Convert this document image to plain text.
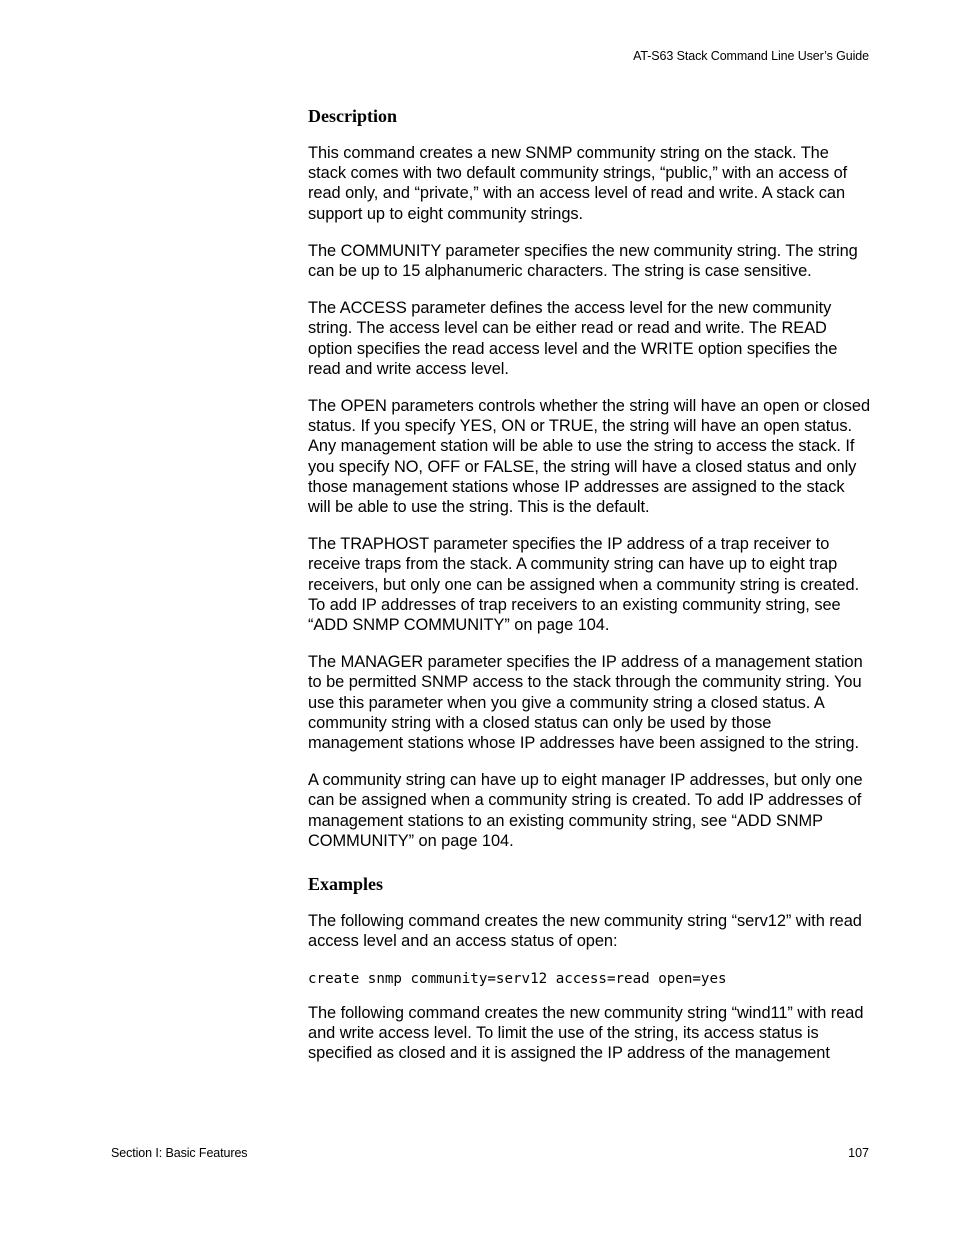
AT-S63 Stack Command Line User’s Guide
Description

This command creates a new SNMP community string on the stack. The stack comes with two default community strings, “public,” with an access of read only, and “private,” with an access level of read and write. A stack can support up to eight community strings.

The COMMUNITY parameter specifies the new community string. The string can be up to 15 alphanumeric characters. The string is case sensitive.

The ACCESS parameter defines the access level for the new community string. The access level can be either read or read and write. The READ option specifies the read access level and the WRITE option specifies the read and write access level.

The OPEN parameters controls whether the string will have an open or closed status. If you specify YES, ON or TRUE, the string will have an open status. Any management station will be able to use the string to access the stack. If you specify NO, OFF or FALSE, the string will have a closed status and only those management stations whose IP addresses are assigned to the stack will be able to use the string. This is the default.

The TRAPHOST parameter specifies the IP address of a trap receiver to receive traps from the stack. A community string can have up to eight trap receivers, but only one can be assigned when a community string is created. To add IP addresses of trap receivers to an existing community string, see “ADD SNMP COMMUNITY” on page 104.

The MANAGER parameter specifies the IP address of a management station to be permitted SNMP access to the stack through the community string. You use this parameter when you give a community string a closed status. A community string with a closed status can only be used by those management stations whose IP addresses have been assigned to the string.

A community string can have up to eight manager IP addresses, but only one can be assigned when a community string is created. To add IP addresses of management stations to an existing community string, see “ADD SNMP COMMUNITY” on page 104.

Examples

The following command creates the new community string “serv12” with read access level and an access status of open:

create snmp community=serv12 access=read open=yes

The following command creates the new community string “wind11” with read and write access level. To limit the use of the string, its access status is specified as closed and it is assigned the IP address of the management

Section I: Basic Features	107
